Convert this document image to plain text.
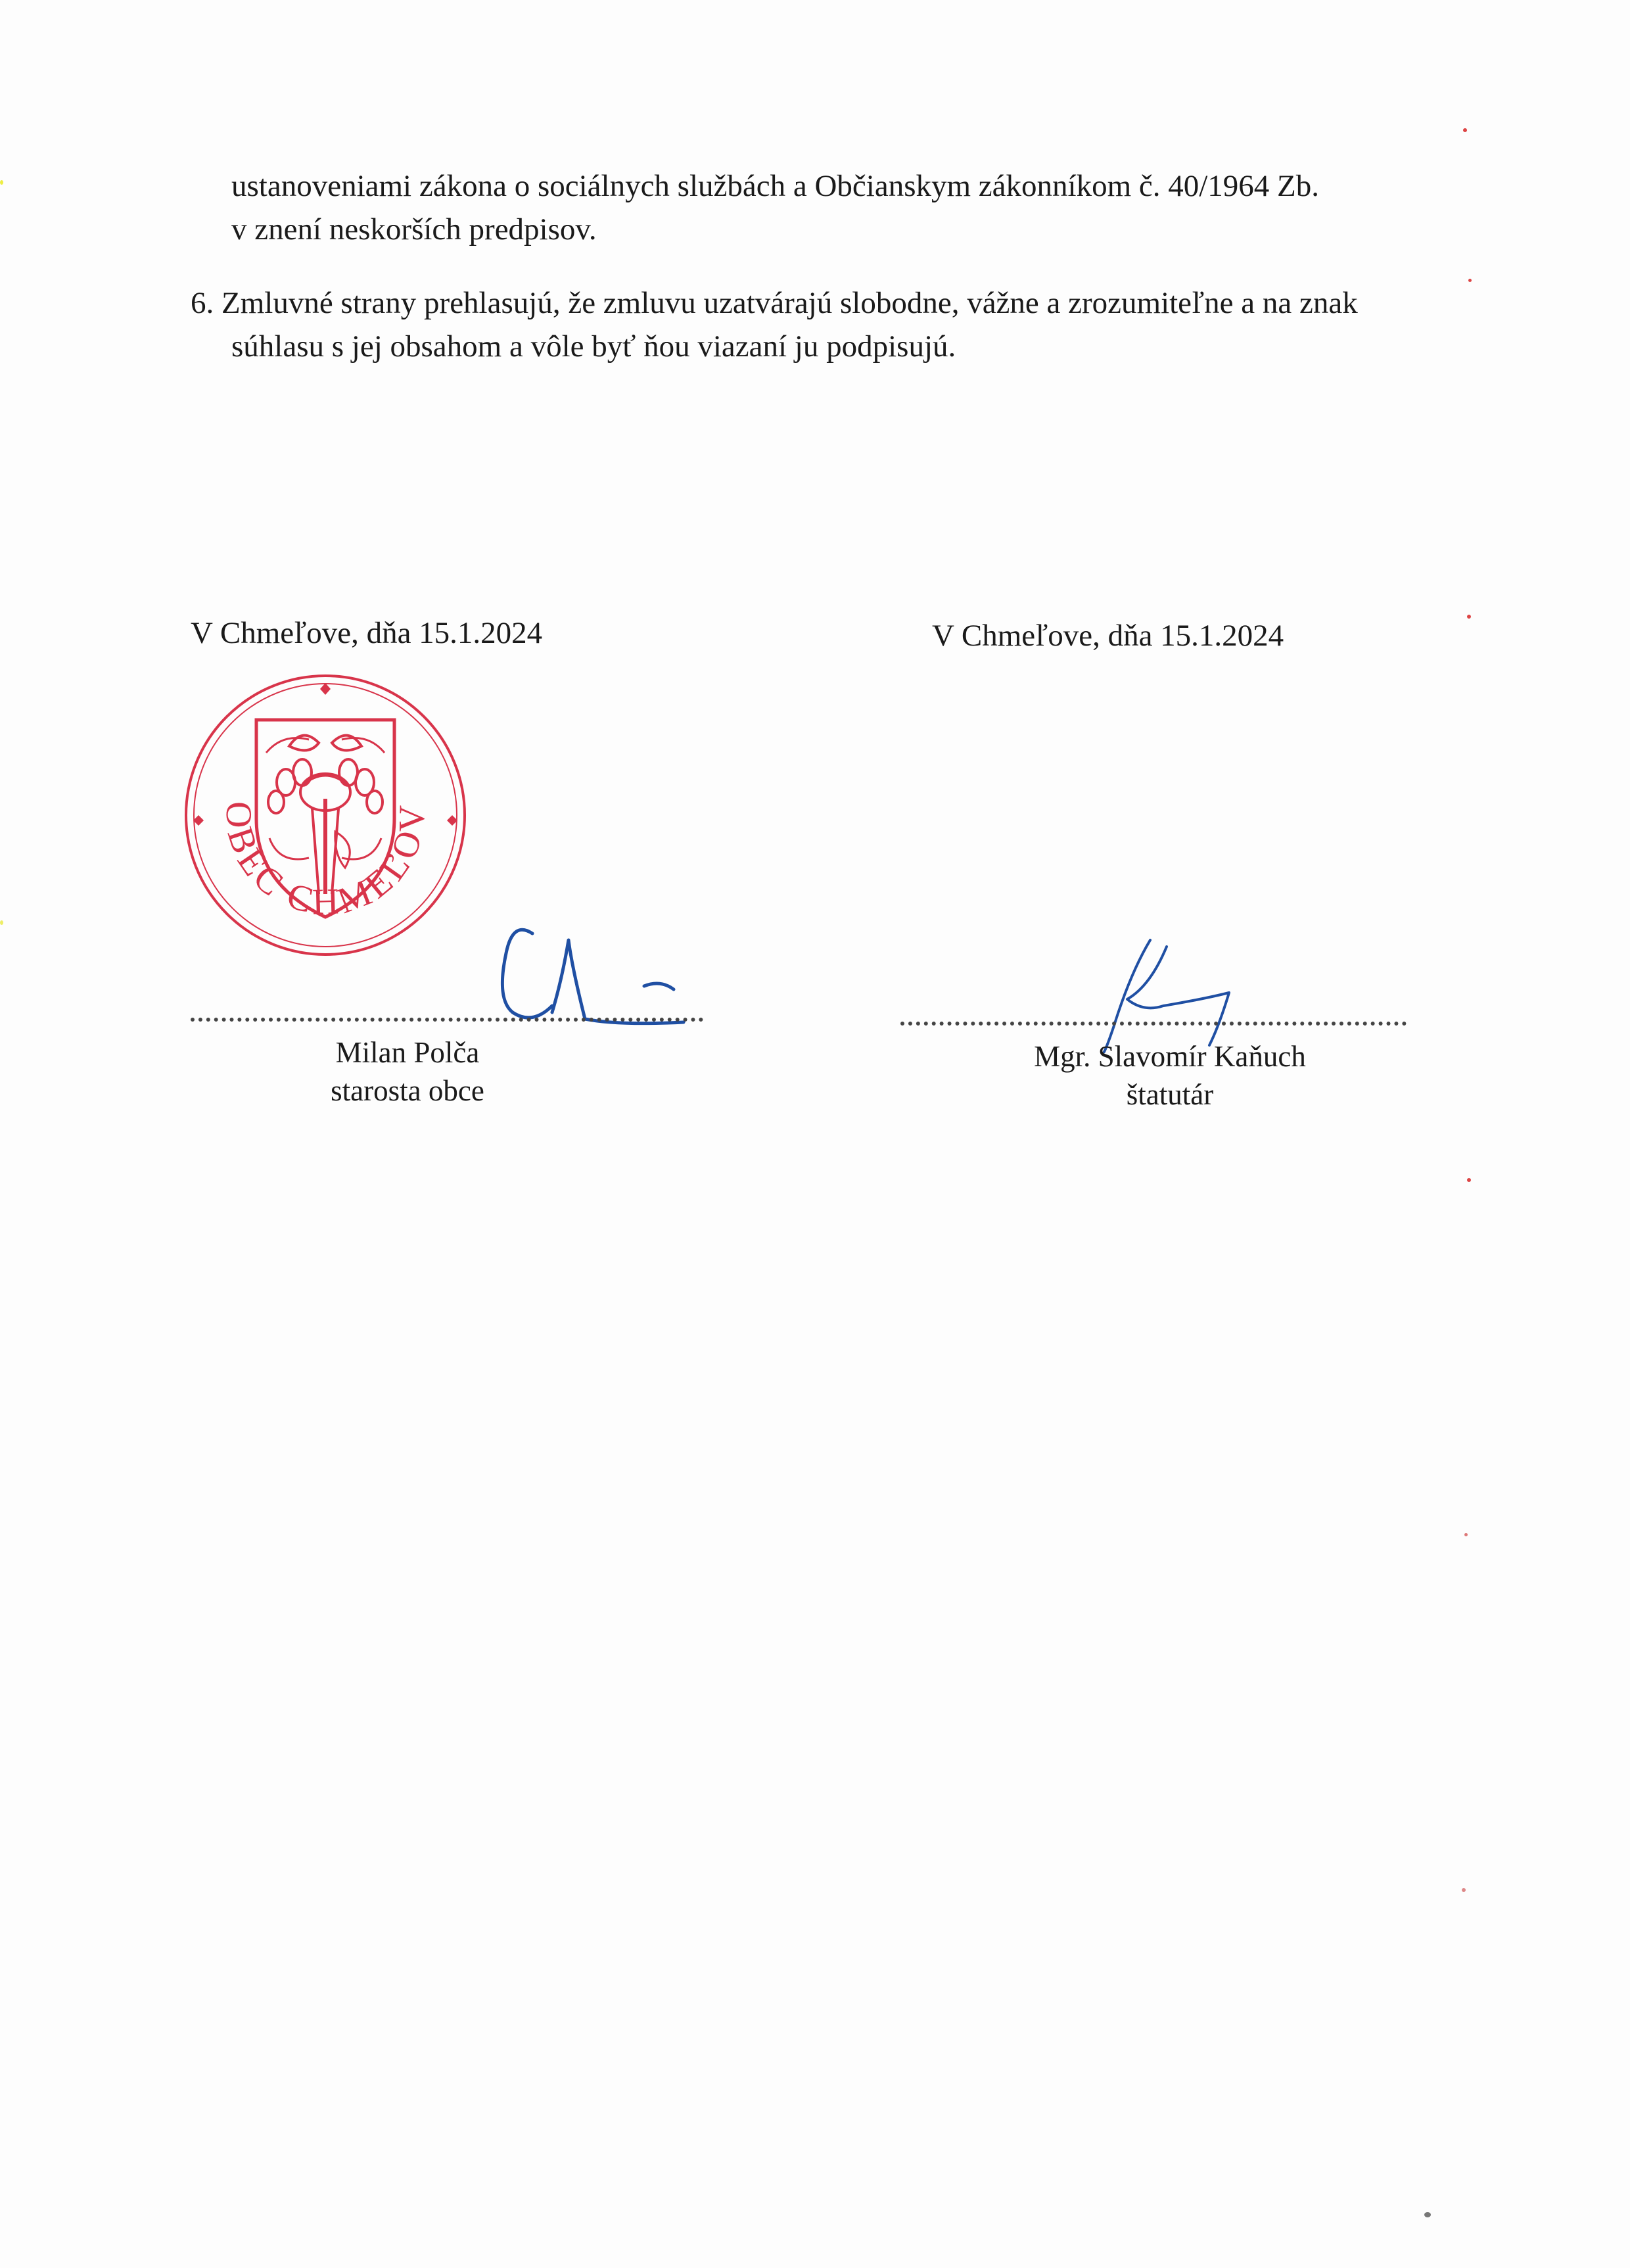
ustanoveniami zákona o sociálnych službách a Občianskym zákonníkom č. 40/1964 Zb.
v znení neskorších predpisov.
6. Zmluvné strany prehlasujú, že zmluvu uzatvárajú slobodne, vážne a zrozumiteľne a na znak
súhlasu s jej obsahom a vôle byť ňou viazaní ju podpisujú.
V Chmeľove, dňa 15.1.2024	V Chmeľove, dňa 15.1.2024
OBEC CHMEĽOV
Milan Polča
starosta obce
Mgr. Slavomír Kaňuch
štatutár
